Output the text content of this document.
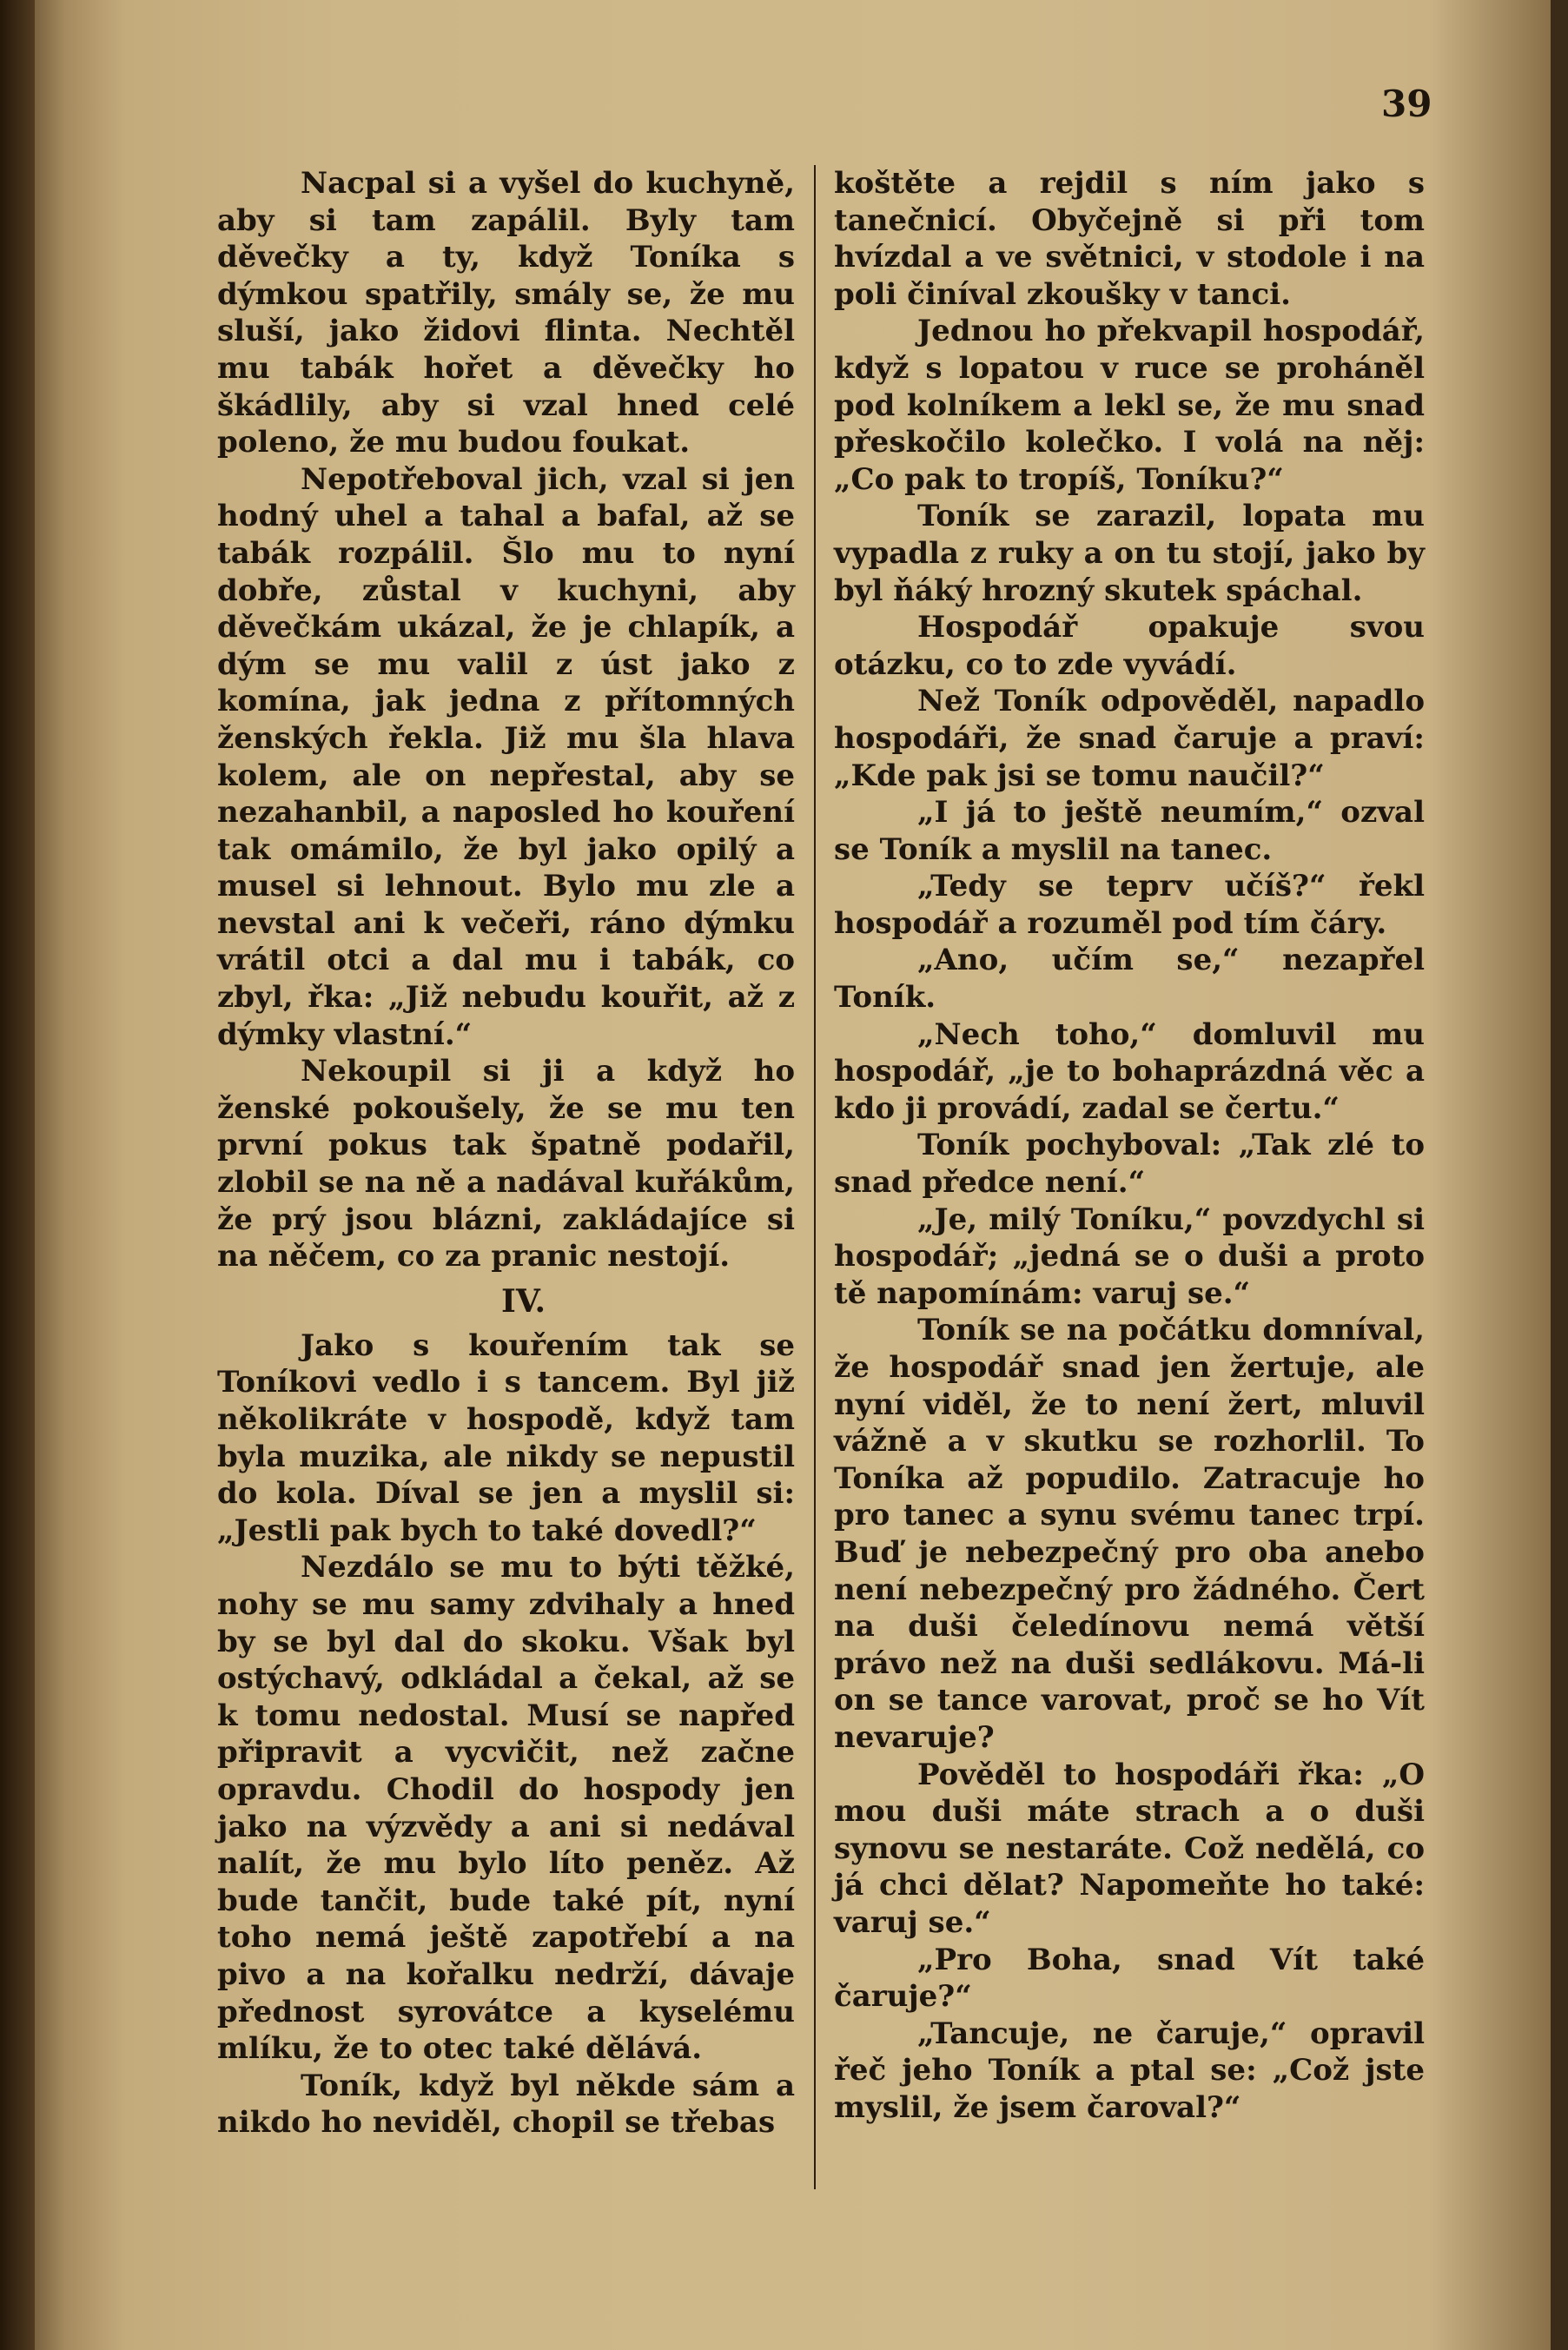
39

Nacpal si a vyšel do kuchyně, aby si tam zapálil. Byly tam děvečky a ty, když Toníka s dýmkou spatřily, smály se, že mu sluší, jako židovi flinta. Nechtěl mu tabák hořet a děvečky ho škádlily, aby si vzal hned celé poleno, že mu budou foukat.

Nepotřeboval jich, vzal si jen hodný uhel a tahal a bafal, až se tabák rozpálil. Šlo mu to nyní dobře, zůstal v kuchyni, aby děvečkám ukázal, že je chlapík, a dým se mu valil z úst jako z komína, jak jedna z přítomných ženských řekla. Již mu šla hlava kolem, ale on nepřestal, aby se nezahanbil, a naposled ho kouření tak omámilo, že byl jako opilý a musel si lehnout. Bylo mu zle a nevstal ani k večeři, ráno dýmku vrátil otci a dal mu i tabák, co zbyl, řka: „Již nebudu kouřit, až z dýmky vlastní.“

Nekoupil si ji a když ho ženské pokoušely, že se mu ten první pokus tak špatně podařil, zlobil se na ně a nadával kuřákům, že prý jsou blázni, zakládajíce si na něčem, co za pranic nestojí.

IV.

Jako s kouřením tak se Toníkovi vedlo i s tancem. Byl již několikráte v hospodě, když tam byla muzika, ale nikdy se nepustil do kola. Díval se jen a myslil si: „Jestli pak bych to také dovedl?“

Nezdálo se mu to býti těžké, nohy se mu samy zdvihaly a hned by se byl dal do skoku. Však byl ostýchavý, odkládal a čekal, až se k tomu nedostal. Musí se napřed připravit a vycvičit, než začne opravdu. Chodil do hospody jen jako na výzvědy a ani si nedával nalít, že mu bylo líto peněz. Až bude tančit, bude také pít, nyní toho nemá ještě zapotřebí a na pivo a na kořalku nedrží, dávaje přednost syrovátce a kyselému mlíku, že to otec také dělává.

Toník, když byl někde sám a nikdo ho neviděl, chopil se třebas

koštěte a rejdil s ním jako s tanečnicí. Obyčejně si při tom hvízdal a ve světnici, v stodole i na poli činíval zkoušky v tanci.

Jednou ho překvapil hospodář, když s lopatou v ruce se proháněl pod kolníkem a lekl se, že mu snad přeskočilo kolečko. I volá na něj: „Co pak to tropíš, Toníku?“

Toník se zarazil, lopata mu vypadla z ruky a on tu stojí, jako by byl ňáký hrozný skutek spáchal.

Hospodář opakuje svou otázku, co to zde vyvádí.

Než Toník odpověděl, napadlo hospodáři, že snad čaruje a praví: „Kde pak jsi se tomu naučil?“

„I já to ještě neumím,“ ozval se Toník a myslil na tanec.

„Tedy se teprv učíš?“ řekl hospodář a rozuměl pod tím čáry.

„Ano, učím se,“ nezapřel Toník.

„Nech toho,“ domluvil mu hospodář, „je to bohaprázdná věc a kdo ji provádí, zadal se čertu.“

Toník pochyboval: „Tak zlé to snad předce není.“

„Je, milý Toníku,“ povzdychl si hospodář; „jedná se o duši a proto tě napomínám: varuj se.“

Toník se na počátku domníval, že hospodář snad jen žertuje, ale nyní viděl, že to není žert, mluvil vážně a v skutku se rozhorlil. To Toníka až popudilo. Zatracuje ho pro tanec a synu svému tanec trpí. Buď je nebezpečný pro oba anebo není nebezpečný pro žádného. Čert na duši čeledínovu nemá větší právo než na duši sedlákovu. Má-li on se tance varovat, proč se ho Vít nevaruje?

Pověděl to hospodáři řka: „O mou duši máte strach a o duši synovu se nestaráte. Což nedělá, co já chci dělat? Napomeňte ho také: varuj se.“

„Pro Boha, snad Vít také čaruje?“

„Tancuje, ne čaruje,“ opravil řeč jeho Toník a ptal se: „Což jste myslil, že jsem čaroval?“
